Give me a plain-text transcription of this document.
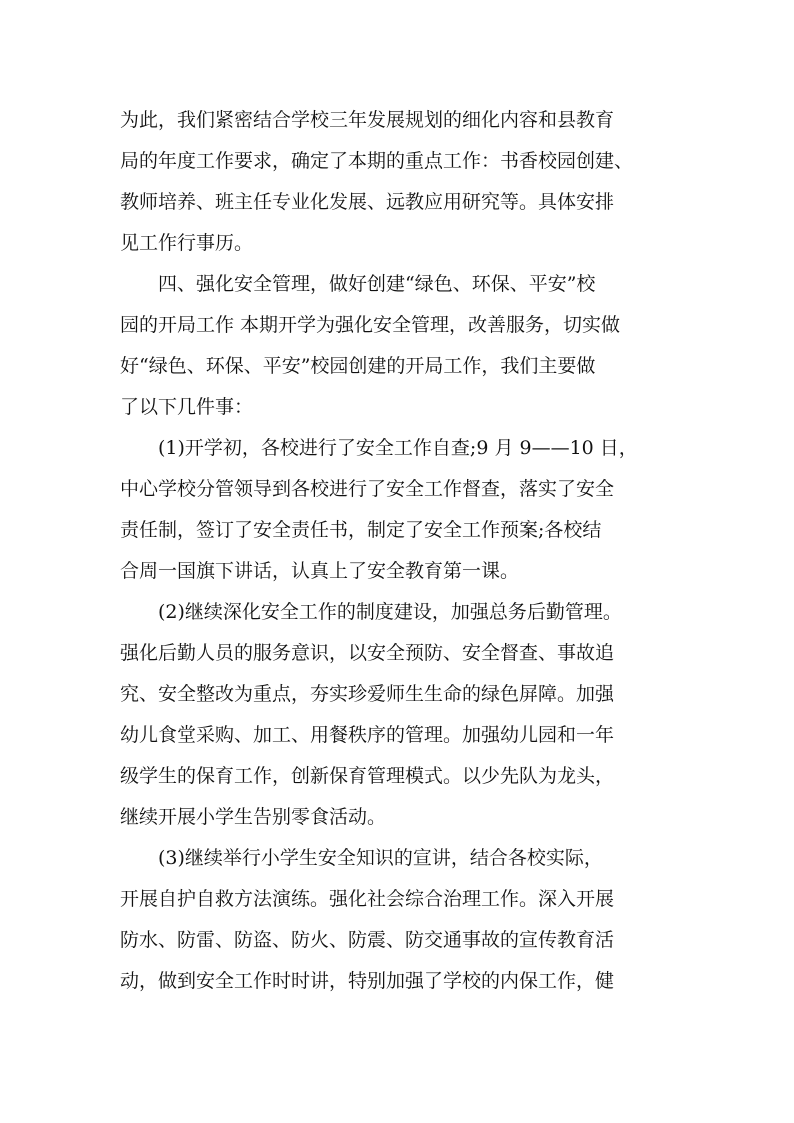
为此，我们紧密结合学校三年发展规划的细化内容和县教育
局的年度工作要求，确定了本期的重点工作：书香校园创建、
教师培养、班主任专业化发展、远教应用研究等。具体安排
见工作行事历。
四、强化安全管理，做好创建“绿色、环保、平安”校
园的开局工作 本期开学为强化安全管理，改善服务，切实做
好“绿色、环保、平安”校园创建的开局工作，我们主要做
了以下几件事：
(1)开学初，各校进行了安全工作自查;9 月 9——10 日，
中心学校分管领导到各校进行了安全工作督查，落实了安全
责任制，签订了安全责任书，制定了安全工作预案;各校结
合周一国旗下讲话，认真上了安全教育第一课。
(2)继续深化安全工作的制度建设，加强总务后勤管理。
强化后勤人员的服务意识，以安全预防、安全督查、事故追
究、安全整改为重点，夯实珍爱师生生命的绿色屏障。加强
幼儿食堂采购、加工、用餐秩序的管理。加强幼儿园和一年
级学生的保育工作，创新保育管理模式。以少先队为龙头，
继续开展小学生告别零食活动。
(3)继续举行小学生安全知识的宣讲，结合各校实际，
开展自护自救方法演练。强化社会综合治理工作。深入开展
防水、防雷、防盗、防火、防震、防交通事故的宣传教育活
动，做到安全工作时时讲，特别加强了学校的内保工作，健
